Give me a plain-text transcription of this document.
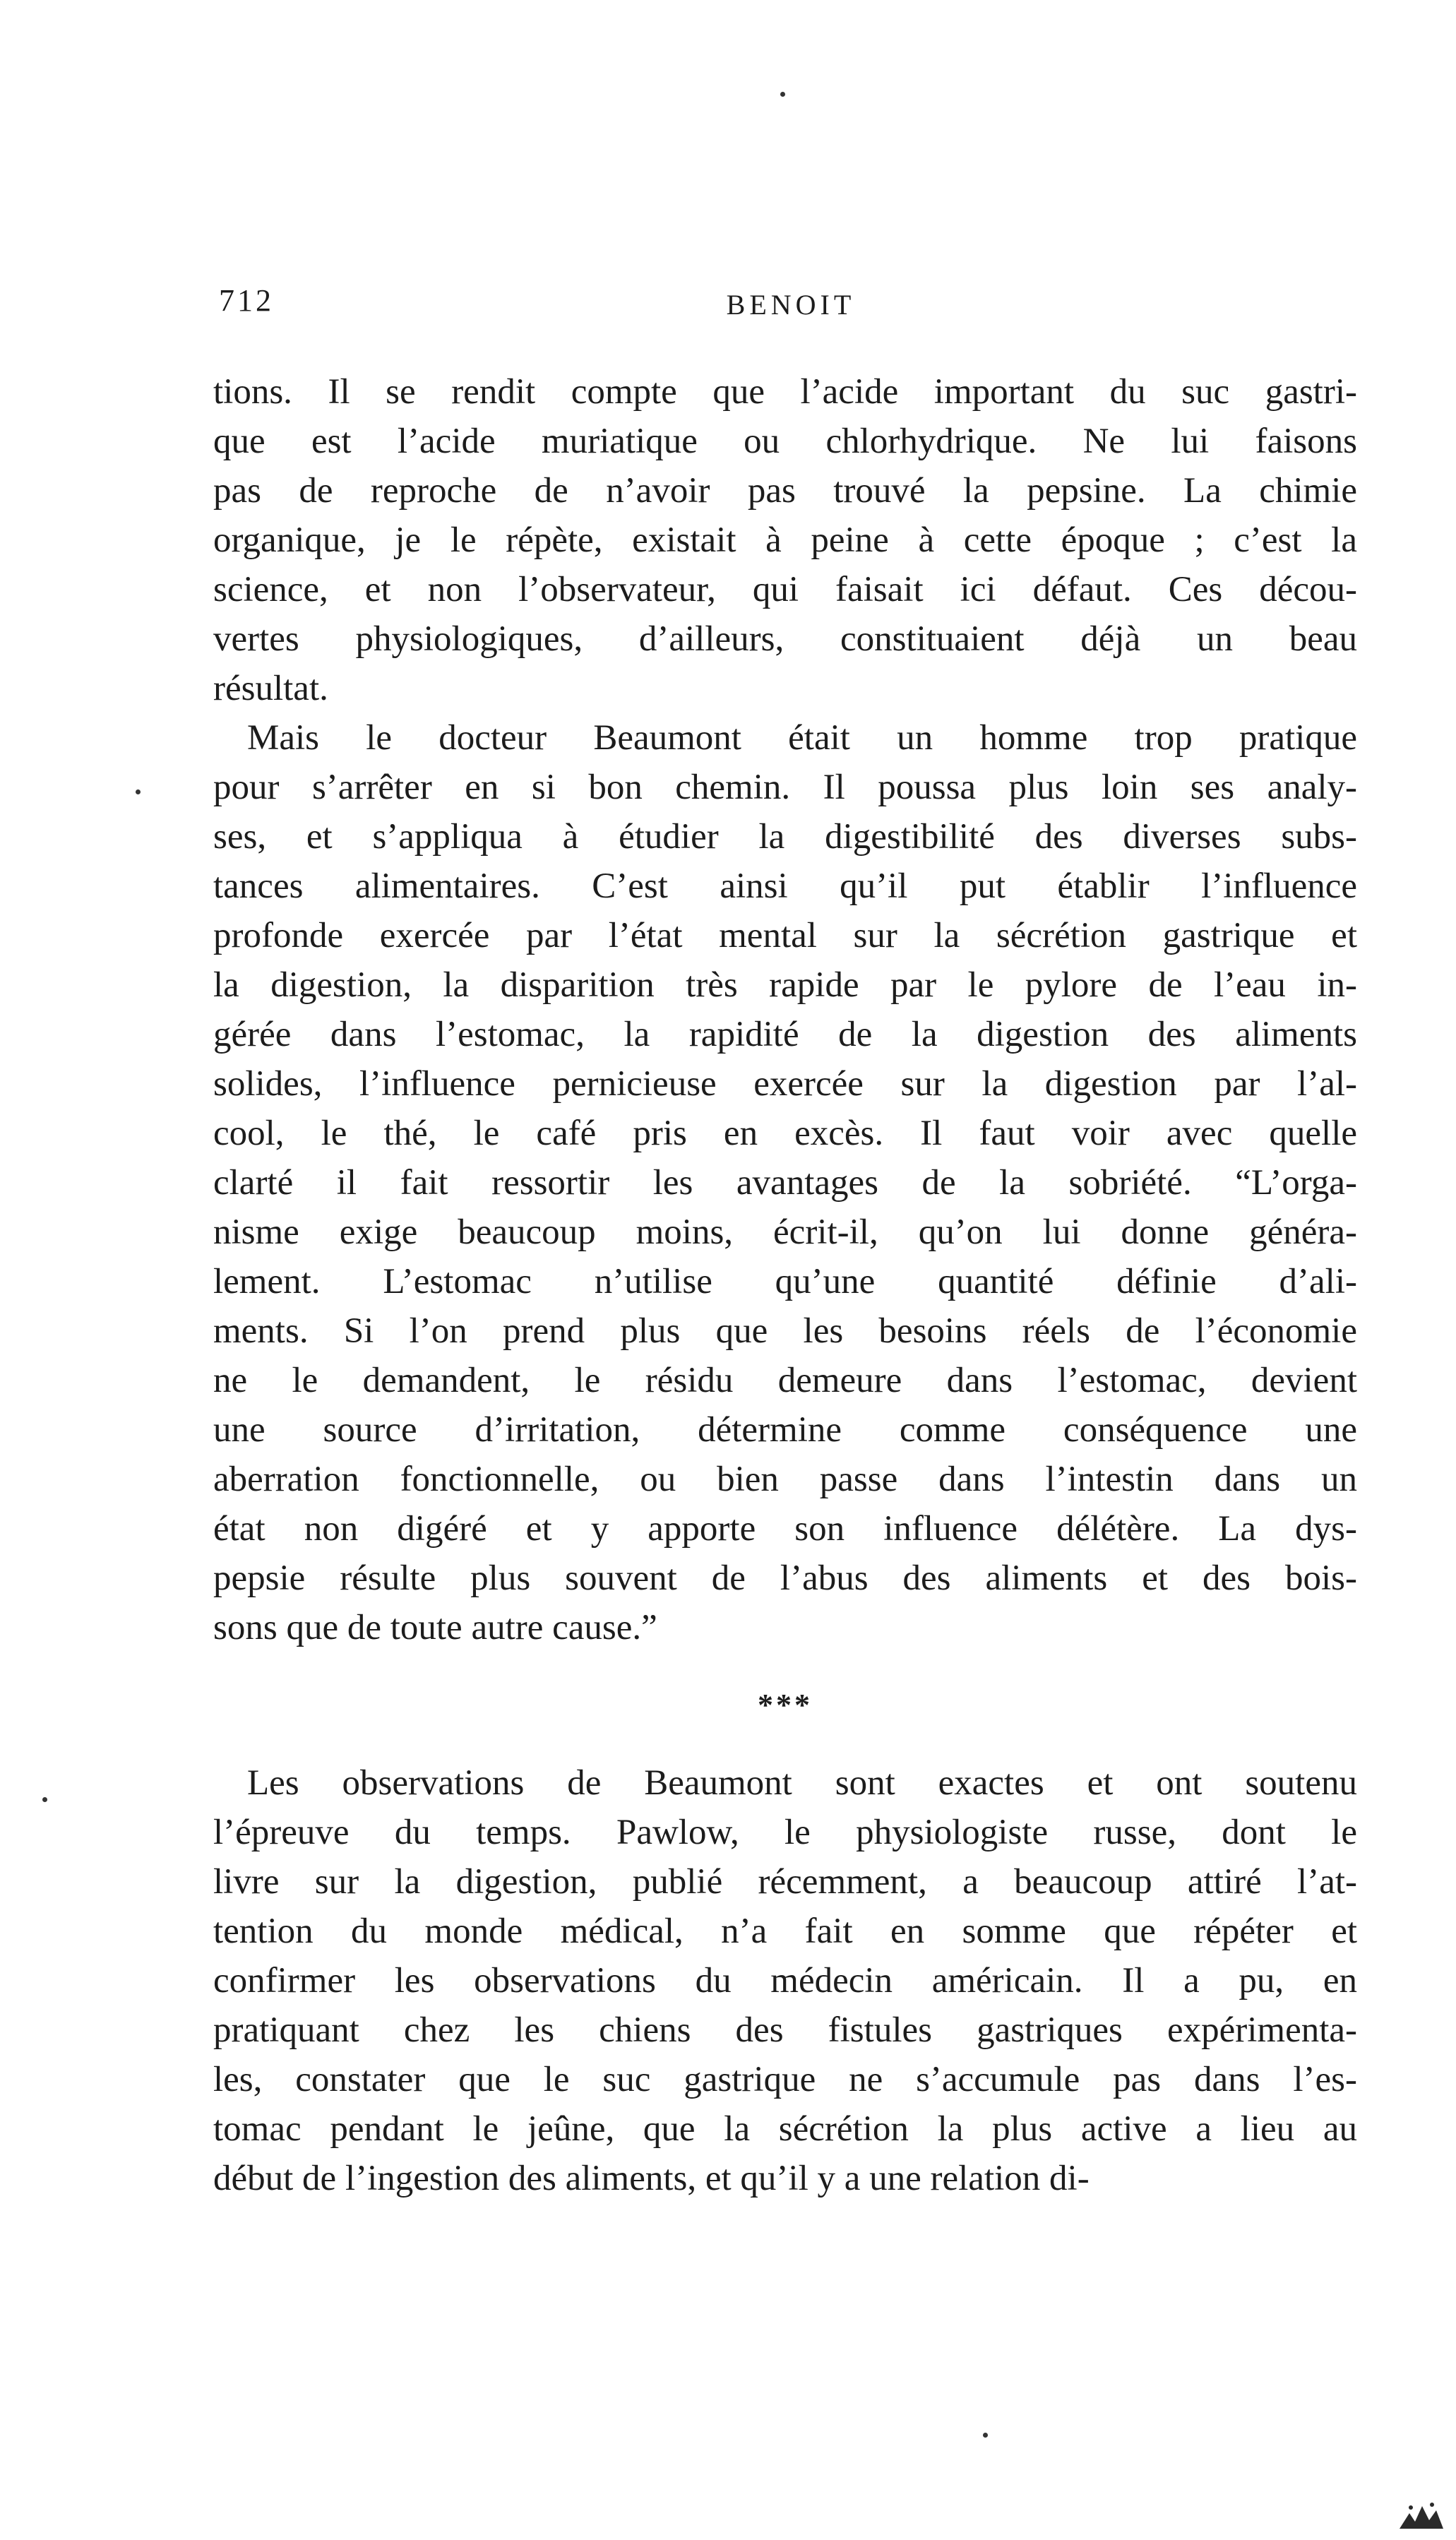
712	BENOIT
tions. Il se rendit compte que l’acide important du suc gastri-
que est l’acide muriatique ou chlorhydrique. Ne lui faisons
pas de reproche de n’avoir pas trouvé la pepsine. La chimie
organique, je le répète, existait à peine à cette époque ; c’est la
science, et non l’observateur, qui faisait ici défaut. Ces décou-
vertes physiologiques, d’ailleurs, constituaient déjà un beau
résultat.
Mais le docteur Beaumont était un homme trop pratique
pour s’arrêter en si bon chemin. Il poussa plus loin ses analy-
ses, et s’appliqua à étudier la digestibilité des diverses subs-
tances alimentaires. C’est ainsi qu’il put établir l’influence
profonde exercée par l’état mental sur la sécrétion gastrique et
la digestion, la disparition très rapide par le pylore de l’eau in-
gérée dans l’estomac, la rapidité de la digestion des aliments
solides, l’influence pernicieuse exercée sur la digestion par l’al-
cool, le thé, le café pris en excès. Il faut voir avec quelle
clarté il fait ressortir les avantages de la sobriété. “L’orga-
nisme exige beaucoup moins, écrit-il, qu’on lui donne généra-
lement. L’estomac n’utilise qu’une quantité définie d’ali-
ments. Si l’on prend plus que les besoins réels de l’économie
ne le demandent, le résidu demeure dans l’estomac, devient
une source d’irritation, détermine comme conséquence une
aberration fonctionnelle, ou bien passe dans l’intestin dans un
état non digéré et y apporte son influence délétère. La dys-
pepsie résulte plus souvent de l’abus des aliments et des bois-
sons que de toute autre cause.”
***
Les observations de Beaumont sont exactes et ont soutenu
l’épreuve du temps. Pawlow, le physiologiste russe, dont le
livre sur la digestion, publié récemment, a beaucoup attiré l’at-
tention du monde médical, n’a fait en somme que répéter et
confirmer les observations du médecin américain. Il a pu, en
pratiquant chez les chiens des fistules gastriques expérimenta-
les, constater que le suc gastrique ne s’accumule pas dans l’es-
tomac pendant le jeûne, que la sécrétion la plus active a lieu au
début de l’ingestion des aliments, et qu’il y a une relation di-
